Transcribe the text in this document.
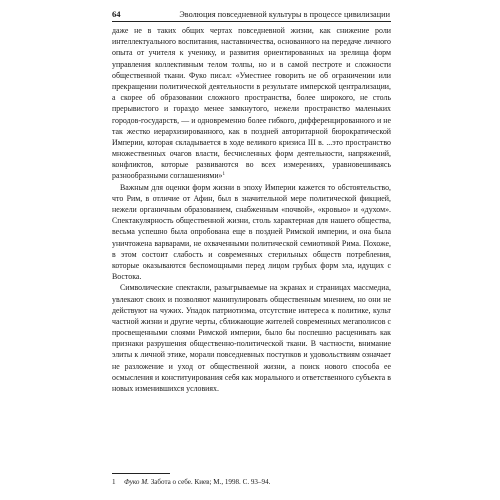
64	Эволюция повседневной культуры в процессе цивилизации

даже не в таких общих чертах повседневной жизни, как снижение роли интеллектуального воспитания, наставничества, основанного на передаче личного опыта от учителя к ученику, и развития ориентированных на зрелища форм управления коллективным телом толпы, но и в самой пестроте и сложности общественной ткани. Фуко писал: «Уместнее говорить не об ограничении или прекращении политической деятельности в результате имперской централизации, а скорее об образовании сложного пространства, более широкого, не столь прерывистого и гораздо менее замкнутого, нежели пространство маленьких городов-государств, — и одновременно более гибкого, дифференцированного и не так жестко иерархизированного, как в поздней авторитарной бюрократической Империи, которая складывается в ходе великого кризиса III в. ...это пространство множественных очагов власти, бесчисленных форм деятельности, напряжений, конфликтов, которые развиваются во всех измерениях, уравновешиваясь разнообразными соглашениями»$^1$

Важным для оценки форм жизни в эпоху Империи кажется то обстоятельство, что Рим, в отличие от Афин, был в значительной мере политической фикцией, нежели органичным образованием, снабженным «почвой», «кровью» и «духом». Спектакулярность общественной жизни, столь характерная для нашего общества, весьма успешно была опробована еще в поздней Римской империи, и она была уничтожена варварами, не охваченными политической семиотикой Рима. Похоже, в этом состоит слабость и современных стерильных обществ потребления, которые оказываются беспомощными перед лицом грубых форм зла, идущих с Востока.

Символические спектакли, разыгрываемые на экранах и страницах массмедиа, увлекают своих и позволяют манипулировать общественным мнением, но они не действуют на чужих. Упадок патриотизма, отсутствие интереса к политике, культ частной жизни и другие черты, сближающие жителей современных мегаполисов с просвещенными слоями Римской империи, было бы поспешно расценивать как признаки разрушения общественно-политической ткани. В частности, внимание элиты к личной этике, морали повседневных поступков и удовольствиям означает не разложение и уход от общественной жизни, а поиск нового способа ее осмысления и конституирования себя как морального и ответственного субъекта в новых изменившихся условиях.

1 Фуко М. Забота о себе. Киев; М., 1998. С. 93–94.
